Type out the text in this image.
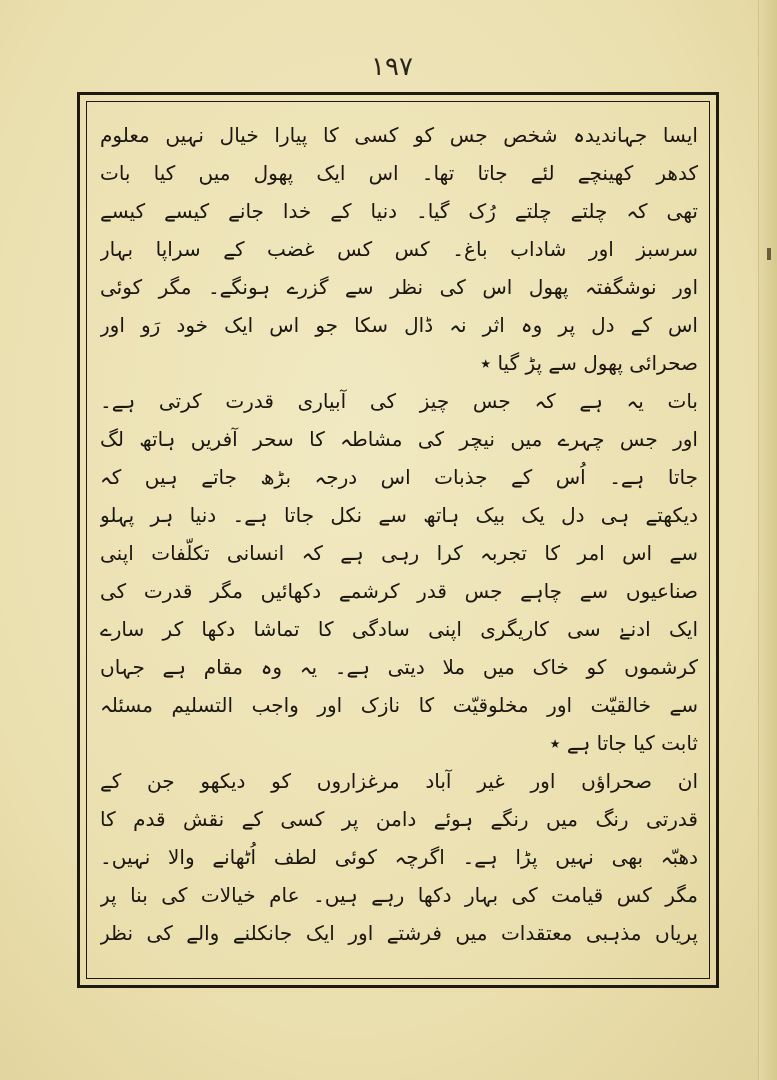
۱۹۷
ایسا جہاندیدہ شخص جس کو کسی کا پیارا خیال نہیں معلوم
کدھر کھینچے لئے جاتا تھا۔ اس ایک پھول میں کیا بات
تھی کہ چلتے چلتے رُک گیا۔ دنیا کے خدا جانے کیسے کیسے
سرسبز اور شاداب باغ۔ کس کس غضب کے سراپا بہار
اور نوشگفتہ پھول اس کی نظر سے گزرے ہونگے۔ مگر کوئی
اس کے دل پر وہ اثر نہ ڈال سکا جو اس ایک خود رَو اور
صحرائی پھول سے پڑ گیا ٭
بات یہ ہے کہ جس چیز کی آبیاری قدرت کرتی ہے۔
اور جس چہرے میں نیچر کی مشاطہ کا سحر آفریں ہاتھ لگ
جاتا ہے۔ اُس کے جذبات اس درجہ بڑھ جاتے ہیں کہ
دیکھتے ہی دل یک بیک ہاتھ سے نکل جاتا ہے۔ دنیا ہر پہلو
سے اس امر کا تجربہ کرا رہی ہے کہ انسانی تکلّفات اپنی
صناعیوں سے چاہے جس قدر کرشمے دکھائیں مگر قدرت کی
ایک ادنےٰ سی کاریگری اپنی سادگی کا تماشا دکھا کر سارے
کرشموں کو خاک میں ملا دیتی ہے۔ یہ وہ مقام ہے جہاں
سے خالقیّت اور مخلوقیّت کا نازک اور واجب التسلیم مسئلہ
ثابت کیا جاتا ہے ٭
ان صحراؤں اور غیر آباد مرغزاروں کو دیکھو جن کے
قدرتی رنگ میں رنگے ہوئے دامن پر کسی کے نقش قدم کا
دھبّہ بھی نہیں پڑا ہے۔ اگرچہ کوئی لطف اُٹھانے والا نہیں۔
مگر کس قیامت کی بہار دکھا رہے ہیں۔ عام خیالات کی بنا پر
پریاں مذہبی معتقدات میں فرشتے اور ایک جانکلنے والے کی نظر
